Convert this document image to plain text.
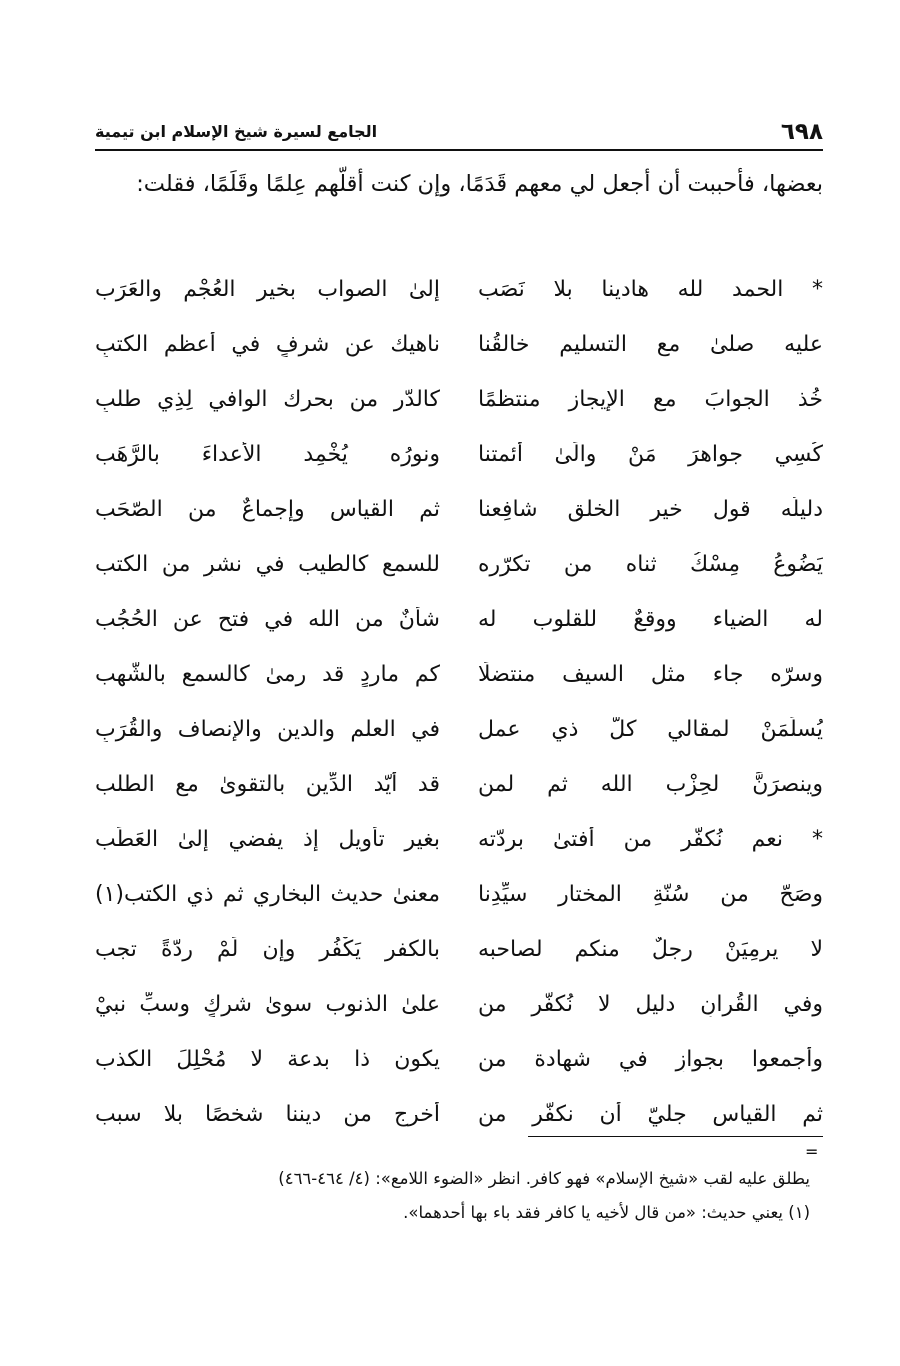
٦٩٨
الجامع لسيرة شيخ الإسلام ابن تيمية
بعضها، فأحببت أن أجعل لي معهم قَدَمًا، وإن كنت أقلّهم عِلمًا وقَلَمًا، فقلت:
* الحمد لله هادينا بلا نَصَب
إلىٰ الصواب بخير العُجْم والعَرَب
عليه صلىٰ مع التسليم خالقُنا
ناهيك عن شرفٍ في أعظم الكتبِ
خُذ الجوابَ مع الإيجاز منتظمًا
كالدّر من بحرك الوافي لِذِي طلبِ
كُسِي جواهرَ مَنْ والَىٰ أئمتنا
ونورُه يُخْمِد الأعداءَ بالرَّهَب
دليلُه قول خير الخلق شافِعنا
ثم القياس وإجماعٌ من الصّحَب
يَضُوعُ مِسْكُ ثناه من تكرّره
للسمع كالطيب في نشرٍ من الكتب
له الضياء ووقعٌ للقلوب له
شأنٌ من الله في فتح عن الحُجُب
وسرّه جاء مثل السيف منتضلًا
كم ماردٍ قد رمىٰ كالسمع بالشّهب
يُسلِّمَنْ لمقالي كلُّ ذي عمل
في العلم والدين والإنصاف والقُرَبِ
وينصرَنَّ لحِزْب الله ثم لمن
قد أيّد الدِّين بالتقوىٰ مع الطلب
* نعم نُكفّر من أفتىٰ بردّته
بغير تأويل إذ يفضي إلىٰ العَطَب
وصَحّ من سُنّةِ المختار سيِّدِنا
معنىٰ حديث البخاري ثم ذي الكتب(١)
لا يرمِيَنْ رجلٌ منكم لصاحبه
بالكفر يَكْفُر وإن لَمْ ردّةً تجب
وفي القُرانِ دليل لا نُكفّر من
علىٰ الذنوب سوىٰ شركٍ وسبِّ نبيْ
وأجمعوا بجوازٍ في شهادة من
يكون ذا بدعة لا مُحْلِلَ الكذب
ثم القياس جليّ أن نكفّر من
أخرج من ديننا شخصًا بلا سبب
=
يطلق عليه لقب «شيخ الإسلام» فهو كافر. انظر «الضوء اللامع»: (٤/ ٤٦٤-٤٦٦)
(١) يعني حديث: «من قال لأخيه يا كافر فقد باء بها أحدهما».
